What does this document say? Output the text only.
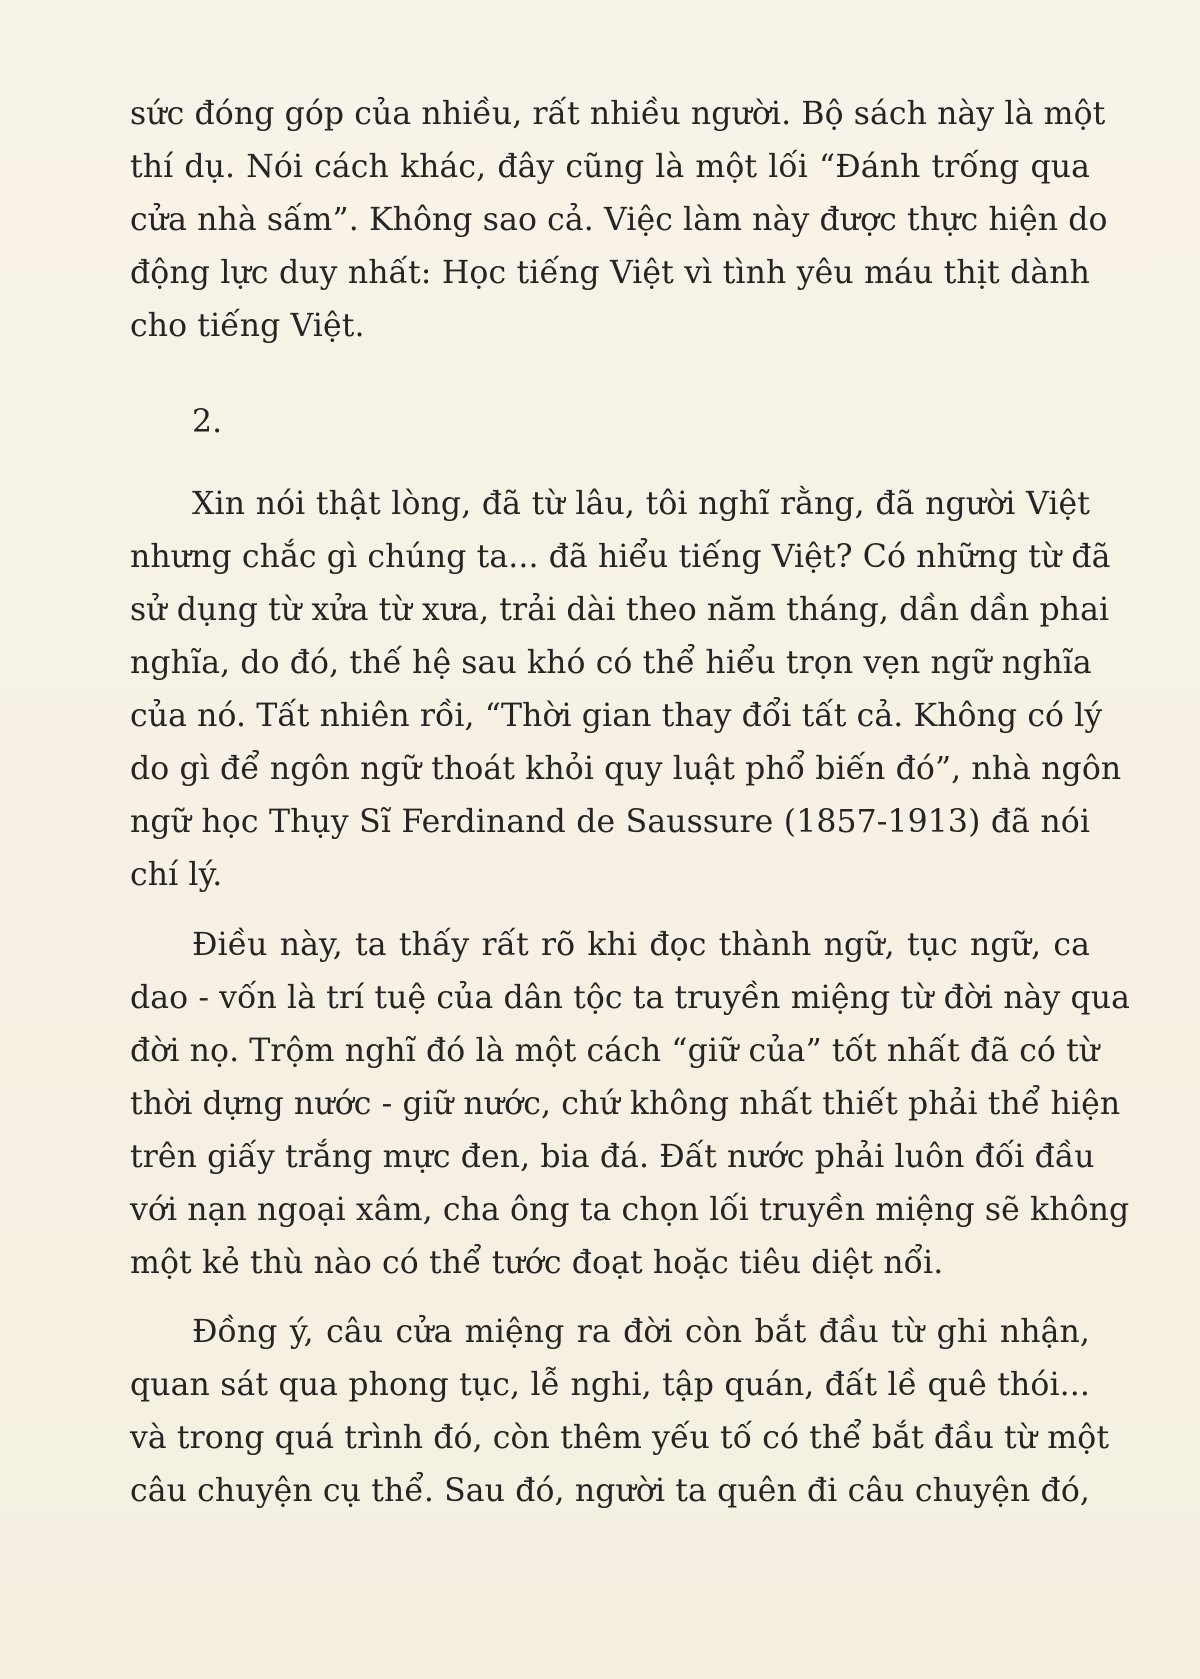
sức đóng góp của nhiều, rất nhiều người. Bộ sách này là một
thí dụ. Nói cách khác, đây cũng là một lối “Đánh trống qua
cửa nhà sấm”. Không sao cả. Việc làm này được thực hiện do
động lực duy nhất: Học tiếng Việt vì tình yêu máu thịt dành
cho tiếng Việt.
2.
Xin nói thật lòng, đã từ lâu, tôi nghĩ rằng, đã người Việt
nhưng chắc gì chúng ta... đã hiểu tiếng Việt? Có những từ đã
sử dụng từ xửa từ xưa, trải dài theo năm tháng, dần dần phai
nghĩa, do đó, thế hệ sau khó có thể hiểu trọn vẹn ngữ nghĩa
của nó. Tất nhiên rồi, “Thời gian thay đổi tất cả. Không có lý
do gì để ngôn ngữ thoát khỏi quy luật phổ biến đó”, nhà ngôn
ngữ học Thụy Sĩ Ferdinand de Saussure (1857-1913) đã nói
chí lý.
Điều này, ta thấy rất rõ khi đọc thành ngữ, tục ngữ, ca
dao - vốn là trí tuệ của dân tộc ta truyền miệng từ đời này qua
đời nọ. Trộm nghĩ đó là một cách “giữ của” tốt nhất đã có từ
thời dựng nước - giữ nước, chứ không nhất thiết phải thể hiện
trên giấy trắng mực đen, bia đá. Đất nước phải luôn đối đầu
với nạn ngoại xâm, cha ông ta chọn lối truyền miệng sẽ không
một kẻ thù nào có thể tước đoạt hoặc tiêu diệt nổi.
Đồng ý, câu cửa miệng ra đời còn bắt đầu từ ghi nhận,
quan sát qua phong tục, lễ nghi, tập quán, đất lề quê thói...
và trong quá trình đó, còn thêm yếu tố có thể bắt đầu từ một
câu chuyện cụ thể. Sau đó, người ta quên đi câu chuyện đó,
